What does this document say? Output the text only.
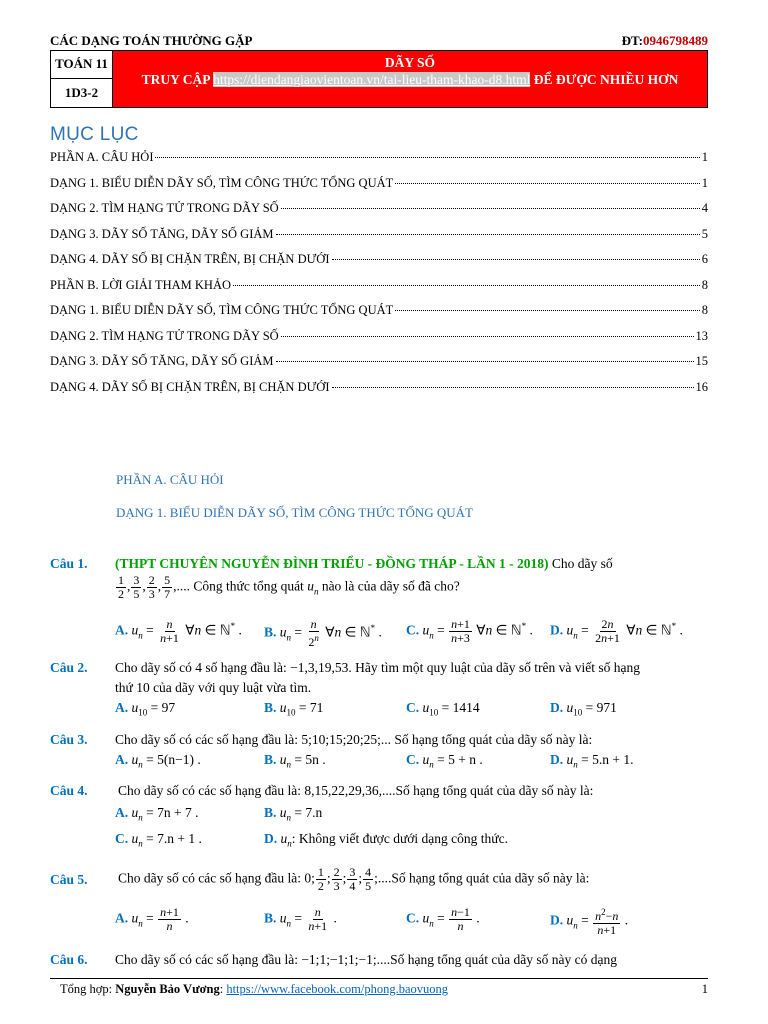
CÁC DẠNG TOÁN THƯỜNG GẶP	ĐT:0946798489
TOÁN 11
1D3-2
DÃY SỐ
TRUY CẬP https://diendangiaovientoan.vn/tai-lieu-tham-khao-d8.html ĐỂ ĐƯỢC NHIỀU HƠN
MỤC LỤC
PHẦN A. CÂU HỎI	1
DẠNG 1. BIỂU DIỄN DÃY SỐ, TÌM CÔNG THỨC TỔNG QUÁT	1
DẠNG 2. TÌM HẠNG TỬ TRONG DÃY SỐ	4
DẠNG 3. DÃY SỐ TĂNG, DÃY SỐ GIẢM	5
DẠNG 4. DÃY SỐ BỊ CHẶN TRÊN, BỊ CHẶN DƯỚI	6
PHẦN B. LỜI GIẢI THAM KHẢO	8
DẠNG 1. BIỂU DIỄN DÃY SỐ, TÌM CÔNG THỨC TỔNG QUÁT	8
DẠNG 2. TÌM HẠNG TỬ TRONG DÃY SỐ	13
DẠNG 3. DÃY SỐ TĂNG, DÃY SỐ GIẢM	15
DẠNG 4. DÃY SỐ BỊ CHẶN TRÊN, BỊ CHẶN DƯỚI	16
PHẦN A. CÂU HỎI
DẠNG 1. BIỂU DIỄN DÃY SỐ, TÌM CÔNG THỨC TỔNG QUÁT
Câu 1. (THPT CHUYÊN NGUYỄN ĐÌNH TRIỂU - ĐỒNG THÁP - LẦN 1 - 2018) Cho dãy số
$\frac{1}{2}$ , $\frac{3}{5}$ , $\frac{2}{3}$ , $\frac{5}{7}$ ,.... Công thức tổng quát $u_n$ nào là của dãy số đã cho?
A. $u_n = \frac{n}{n+1}$ ∀n ∈ ℕ* . B. $u_n = \frac{n}{2^n}$ ∀n ∈ ℕ* . C. $u_n = \frac{n+1}{n+3}$ ∀n ∈ ℕ* . D. $u_n = \frac{2n}{2n+1}$ ∀n ∈ ℕ* .
Câu 2. Cho dãy số có 4 số hạng đầu là: −1,3,19,53. Hãy tìm một quy luật của dãy số trên và viết số hạng
thứ 10 của dãy với quy luật vừa tìm.
A. $u_{10} = 97$	B. $u_{10} = 71$	C. $u_{10} = 1414$	D. $u_{10} = 971$
Câu 3. Cho dãy số có các số hạng đầu là: 5;10;15;20;25;... Số hạng tổng quát của dãy số này là:
A. $u_n = 5(n-1)$ .	B. $u_n = 5n$ .	C. $u_n = 5 + n$ .	D. $u_n = 5.n + 1$.
Câu 4. Cho dãy số có các số hạng đầu là: 8,15,22,29,36,....Số hạng tổng quát của dãy số này là:
A. $u_n = 7n + 7$ .	B. $u_n = 7.n$
C. $u_n = 7.n + 1$ .	D. $u_n$: Không viết được dưới dạng công thức.
Câu 5. Cho dãy số có các số hạng đầu là: 0; $\frac{1}{2}$ ; $\frac{2}{3}$ ; $\frac{3}{4}$ ; $\frac{4}{5}$ ;....Số hạng tổng quát của dãy số này là:
A. $u_n = \frac{n+1}{n}$ .	B. $u_n = \frac{n}{n+1}$ .	C. $u_n = \frac{n-1}{n}$ .	D. $u_n = \frac{n^2-n}{n+1}$ .
Câu 6. Cho dãy số có các số hạng đầu là: −1;1;−1;1;−1;....Số hạng tổng quát của dãy số này có dạng
Tổng hợp: Nguyễn Bảo Vương: https://www.facebook.com/phong.baovuong	1
